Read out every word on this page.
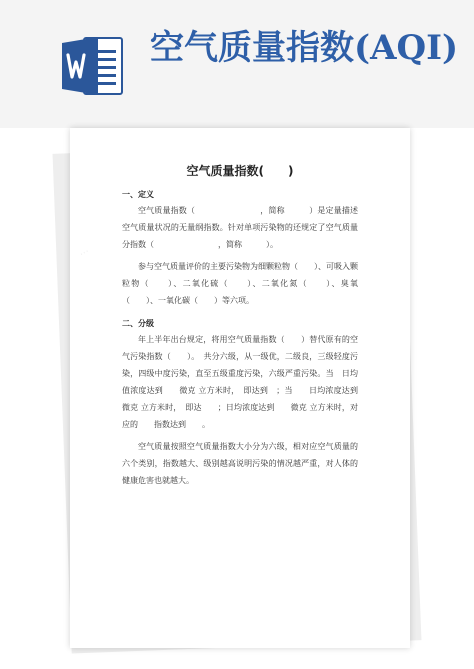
空气质量指数(AQI)
···
空气质量指数(　　)
一、定义

空气质量指数（　　　　　　　　，简称　　　）是定量描述空气质量状况的无量纲指数。针对单项污染物的还规定了空气质量分指数（　　　　　　　　，简称　　　）。

参与空气质量评价的主要污染物为细颗粒物（　　）、可吸入颗粒物（　　）、二氧化硫（　　）、二氧化氮（　　）、臭氧（　　）、一氧化碳（　　）等六项。

二、分级

年上半年出台规定，将用空气质量指数（　　）替代原有的空气污染指数（　　）。　共分六级，从一级优，二级良，三级轻度污染，四级中度污染，直至五级重度污染，六级严重污染。当　日均值浓度达到　　微克 立方米时，　即达到　；当　　日均浓度达到　　微克 立方米时，　即达　　；日均浓度达到　　微克 立方米时，对应的　　指数达到　　。

空气质量按照空气质量指数大小分为六级，相对应空气质量的六个类别，指数越大、级别越高说明污染的情况越严重，对人体的健康危害也就越大。
